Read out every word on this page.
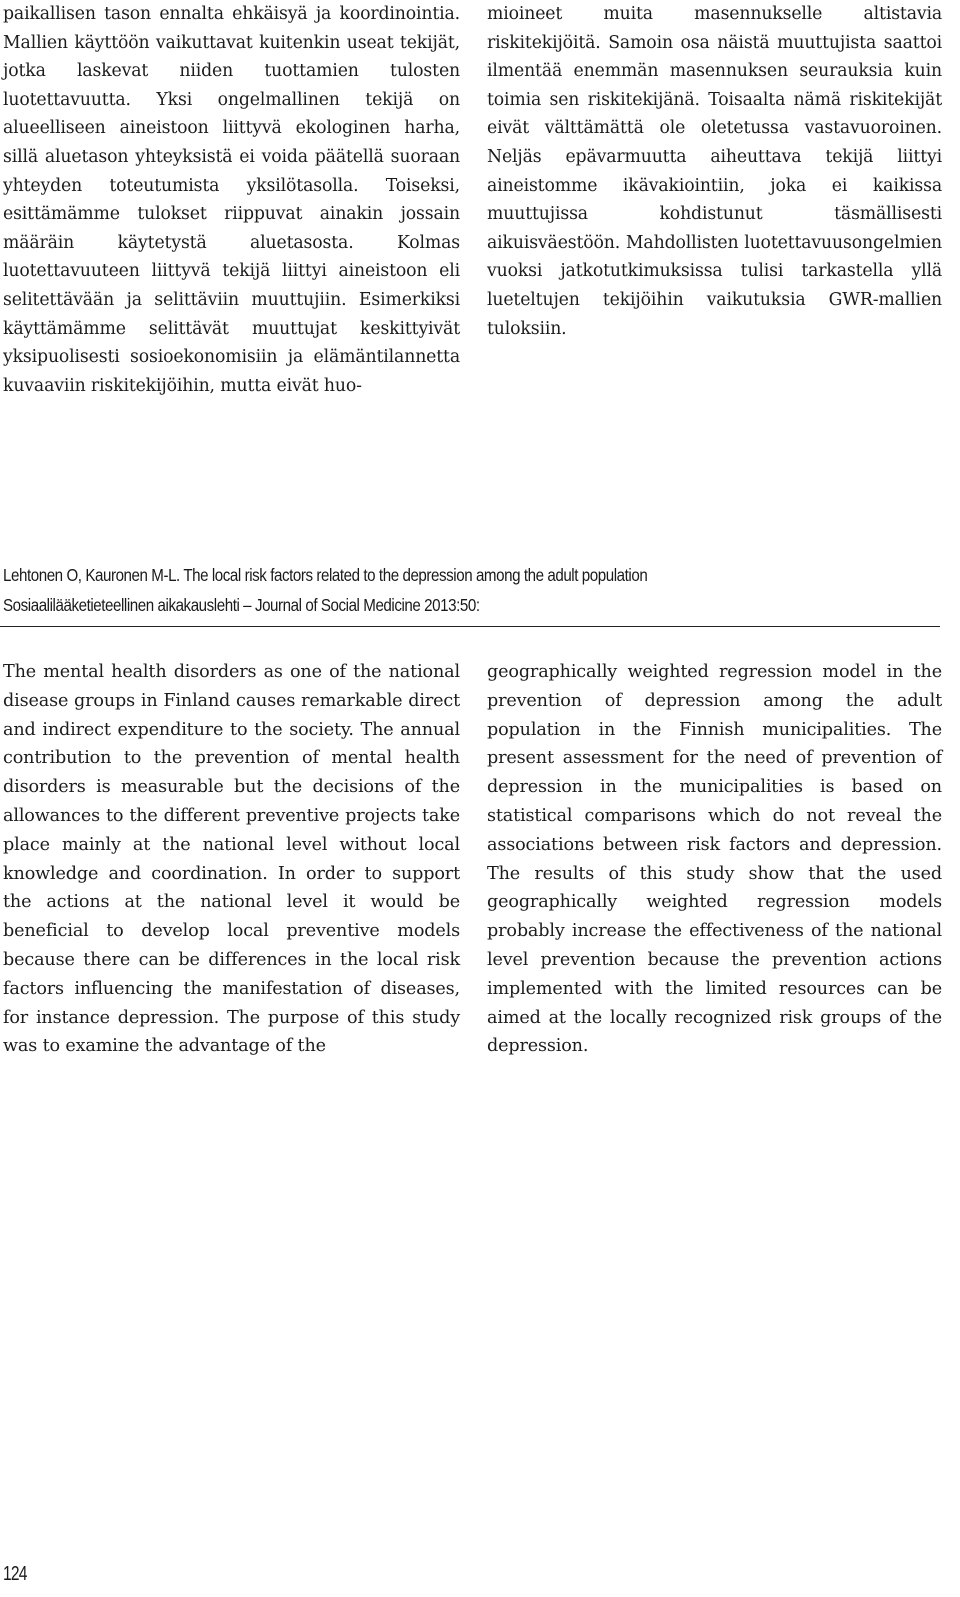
paikallisen tason ennalta ehkäisyä ja koordinointia. Mallien käyttöön vaikuttavat kuitenkin useat tekijät, jotka laskevat niiden tuottamien tulosten luotettavuutta. Yksi ongelmallinen tekijä on alueelliseen aineistoon liittyvä ekologinen harha, sillä aluetason yhteyksistä ei voida päätellä suoraan yhteyden toteutumista yksilötasolla. Toiseksi, esittämämme tulokset riippuvat ainakin jossain määräin käytetystä aluetasosta. Kolmas luotettavuuteen liittyvä tekijä liittyi aineistoon eli selitettävään ja selittäviin muuttujiin. Esimerkiksi käyttämämme selittävät muuttujat keskittyivät yksipuolisesti sosioekonomisiin ja elämäntilannetta kuvaaviin riskitekijöihin, mutta eivät huo-

mioineet muita masennukselle altistavia riskitekijöitä. Samoin osa näistä muuttujista saattoi ilmentää enemmän masennuksen seurauksia kuin toimia sen riskitekijänä. Toisaalta nämä riskitekijät eivät välttämättä ole oletetussa vastavuoroinen. Neljäs epävarmuutta aiheuttava tekijä liittyi aineistomme ikävakiointiin, joka ei kaikissa muuttujissa kohdistunut täsmällisesti aikuisväestöön. Mahdollisten luotettavuusongelmien vuoksi jatkotutkimuksissa tulisi tarkastella yllä lueteltujen tekijöihin vaikutuksia GWR-mallien tuloksiin.

Lehtonen O, Kauronen M-L. The local risk factors related to the depression among the adult population
Sosiaalilääketieteellinen aikakauslehti – Journal of Social Medicine 2013:50:

The mental health disorders as one of the national disease groups in Finland causes remarkable direct and indirect expenditure to the society. The annual contribution to the prevention of mental health disorders is measurable but the decisions of the allowances to the different preventive projects take place mainly at the national level without local knowledge and coordination. In order to support the actions at the national level it would be beneficial to develop local preventive models because there can be differences in the local risk factors influencing the manifestation of diseases, for instance depression. The purpose of this study was to examine the advantage of the

geographically weighted regression model in the prevention of depression among the adult population in the Finnish municipalities. The present assessment for the need of prevention of depression in the municipalities is based on statistical comparisons which do not reveal the associations between risk factors and depression. The results of this study show that the used geographically weighted regression models probably increase the effectiveness of the national level prevention because the prevention actions implemented with the limited resources can be aimed at the locally recognized risk groups of the depression.

124
